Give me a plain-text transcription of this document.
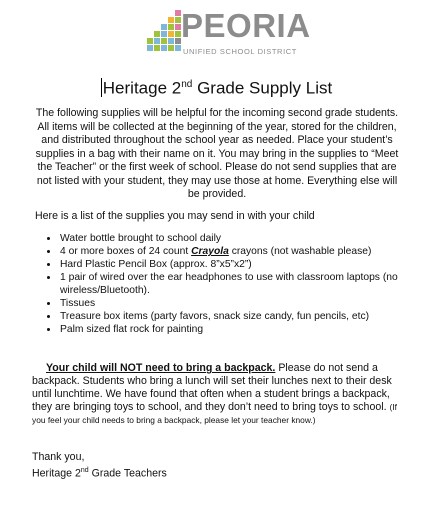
PEORIA
UNIFIED SCHOOL DISTRICT
Heritage 2nd Grade Supply List
The following supplies will be helpful for the incoming second grade students. All items will be collected at the beginning of the year, stored for the children, and distributed throughout the school year as needed. Place your student’s supplies in a bag with their name on it. You may bring in the supplies to “Meet the Teacher” or the first week of school. Please do not send supplies that are not listed with your student, they may use those at home. Everything else will be provided.
Here is a list of the supplies you may send in with your child
Water bottle brought to school daily
4 or more boxes of 24 count Crayola crayons (not washable please)
Hard Plastic Pencil Box (approx. 8”x5”x2”)
1 pair of wired over the ear headphones to use with classroom laptops (no wireless/Bluetooth).
Tissues
Treasure box items (party favors, snack size candy, fun pencils, etc)
Palm sized flat rock for painting
Your child will NOT need to bring a backpack. Please do not send a backpack. Students who bring a lunch will set their lunches next to their desk until lunchtime. We have found that often when a student brings a backpack, they are bringing toys to school, and they don’t need to bring toys to school. (If you feel your child needs to bring a backpack, please let your teacher know.)
Thank you,
Heritage 2nd Grade Teachers
